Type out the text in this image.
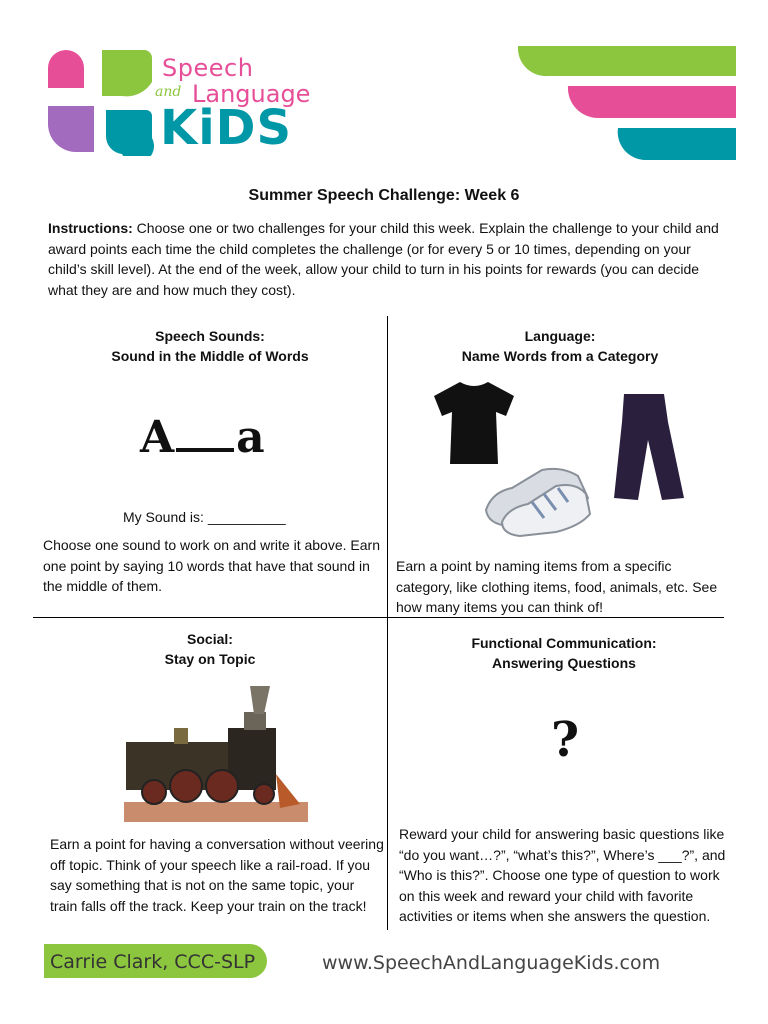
Speech
and Language
KiDS
Summer Speech Challenge: Week 6
Instructions: Choose one or two challenges for your child this week. Explain the challenge to your child and award points each time the child completes the challenge (or for every 5 or 10 times, depending on your child’s skill level). At the end of the week, allow your child to turn in his points for rewards (you can decide what they are and how much they cost).
Speech Sounds:
Sound in the Middle of Words
A a
My Sound is: __________
Choose one sound to work on and write it above. Earn one point by saying 10 words that have that sound in the middle of them.
Language:
Name Words from a Category
Earn a point by naming items from a specific category, like clothing items, food, animals, etc. See how many items you can think of!
Social:
Stay on Topic
Earn a point for having a conversation without veering off topic. Think of your speech like a rail-road. If you say something that is not on the same topic, your train falls off the track. Keep your train on the track!
Functional Communication:
Answering Questions
?
Reward your child for answering basic questions like “do you want…?”, “what’s this?”, Where’s ___?”, and “Who is this?”. Choose one type of question to work on this week and reward your child with favorite activities or items when she answers the question.
Carrie Clark, CCC-SLP	www.SpeechAndLanguageKids.com
